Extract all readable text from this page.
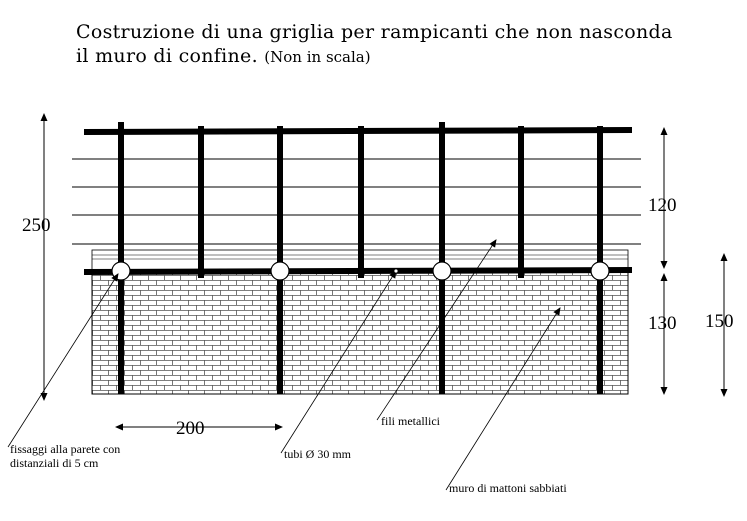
Costruzione di una griglia per rampicanti che non nasconda
il muro di confine. (Non in scala)
250
120
130 150
200
fissaggi alla parete con
distanziali di 5 cm
tubi Ø 30 mm
fili metallici
muro di mattoni sabbiati
